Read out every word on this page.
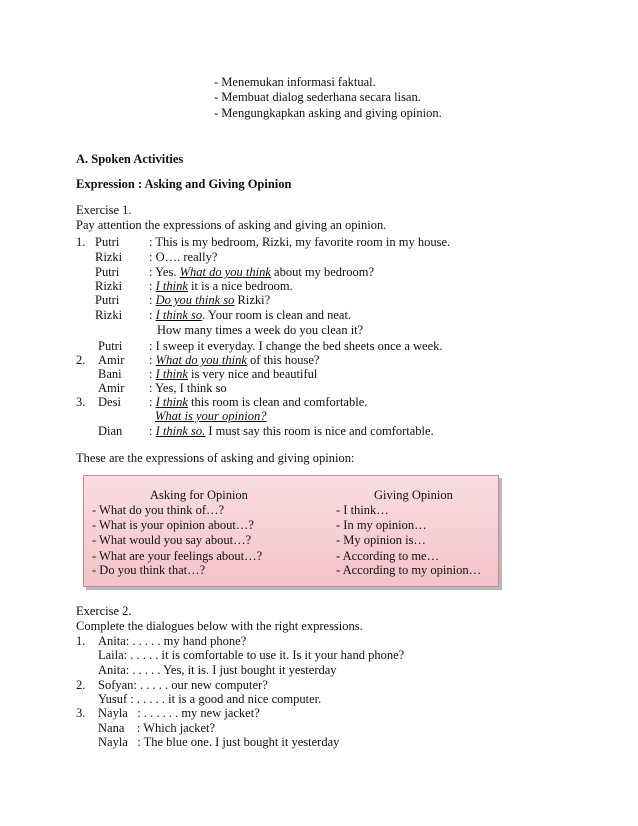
- Menemukan informasi faktual.
- Membuat dialog sederhana secara lisan.
- Mengungkapkan asking and giving opinion.
A. Spoken Activities
Expression : Asking and Giving Opinion
Exercise 1.
Pay attention the expressions of asking and giving an opinion.
1. Putri : This is my bedroom, Rizki, my favorite room in my house.
Rizki : O…. really?
Putri : Yes. What do you think about my bedroom?
Rizki : I think it is a nice bedroom.
Putri : Do you think so Rizki?
Rizki : I think so. Your room is clean and neat.
How many times a week do you clean it?
Putri : I sweep it everyday. I change the bed sheets once a week.
2. Amir : What do you think of this house?
Bani : I think is very nice and beautiful
Amir : Yes, I think so
3. Desi : I think this room is clean and comfortable.
What is your opinion?
Dian : I think so. I must say this room is nice and comfortable.
These are the expressions of asking and giving opinion:
Asking for Opinion	Giving Opinion
- What do you think of…?
- What is your opinion about…?
- What would you say about…?
- What are your feelings about…?
- Do you think that…?
- I think…
- In my opinion…
- My opinion is…
- According to me…
- According to my opinion…
Exercise 2.
Complete the dialogues below with the right expressions.
1. Anita: . . . . . my hand phone?
Laila: . . . . . it is comfortable to use it. Is it your hand phone?
Anita: . . . . . Yes, it is. I just bought it yesterday
2. Sofyan: . . . . . our new computer?
Yusuf : . . . . . it is a good and nice computer.
3. Nayla   : . . . . . . my new jacket?
Nana    : Which jacket?
Nayla   : The blue one. I just bought it yesterday
